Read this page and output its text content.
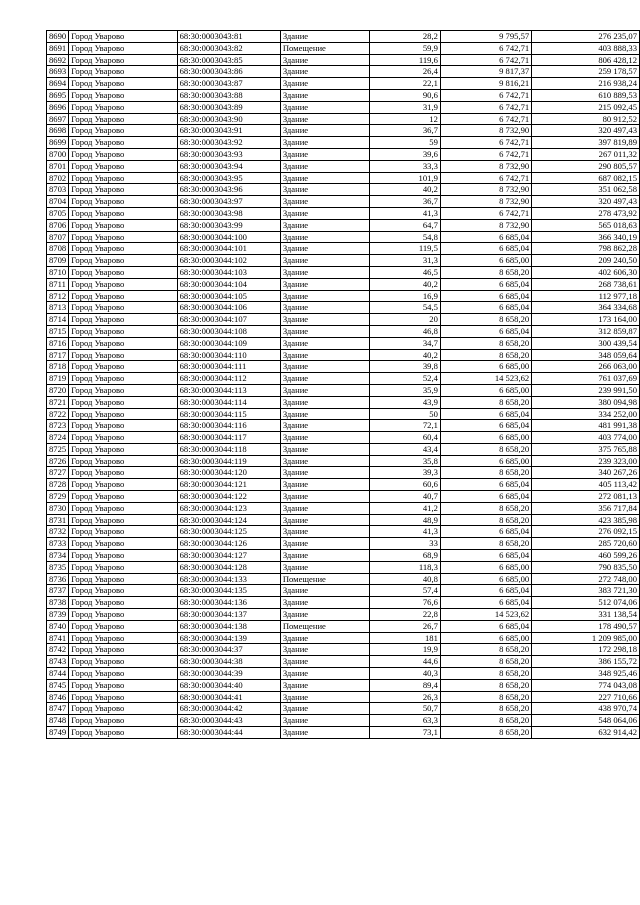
8690	Город Уварово	68:30:0003043:81	Здание	28,2	9 795,57	276 235,07
8691	Город Уварово	68:30:0003043:82	Помещение	59,9	6 742,71	403 888,33
8692	Город Уварово	68:30:0003043:85	Здание	119,6	6 742,71	806 428,12
8693	Город Уварово	68:30:0003043:86	Здание	26,4	9 817,37	259 178,57
8694	Город Уварово	68:30:0003043:87	Здание	22,1	9 816,21	216 938,24
8695	Город Уварово	68:30:0003043:88	Здание	90,6	6 742,71	610 889,53
8696	Город Уварово	68:30:0003043:89	Здание	31,9	6 742,71	215 092,45
8697	Город Уварово	68:30:0003043:90	Здание	12	6 742,71	80 912,52
8698	Город Уварово	68:30:0003043:91	Здание	36,7	8 732,90	320 497,43
8699	Город Уварово	68:30:0003043:92	Здание	59	6 742,71	397 819,89
8700	Город Уварово	68:30:0003043:93	Здание	39,6	6 742,71	267 011,32
8701	Город Уварово	68:30:0003043:94	Здание	33,3	8 732,90	290 805,57
8702	Город Уварово	68:30:0003043:95	Здание	101,9	6 742,71	687 082,15
8703	Город Уварово	68:30:0003043:96	Здание	40,2	8 732,90	351 062,58
8704	Город Уварово	68:30:0003043:97	Здание	36,7	8 732,90	320 497,43
8705	Город Уварово	68:30:0003043:98	Здание	41,3	6 742,71	278 473,92
8706	Город Уварово	68:30:0003043:99	Здание	64,7	8 732,90	565 018,63
8707	Город Уварово	68:30:0003044:100	Здание	54,8	6 685,04	366 340,19
8708	Город Уварово	68:30:0003044:101	Здание	119,5	6 685,04	798 862,28
8709	Город Уварово	68:30:0003044:102	Здание	31,3	6 685,00	209 240,50
8710	Город Уварово	68:30:0003044:103	Здание	46,5	8 658,20	402 606,30
8711	Город Уварово	68:30:0003044:104	Здание	40,2	6 685,04	268 738,61
8712	Город Уварово	68:30:0003044:105	Здание	16,9	6 685,04	112 977,18
8713	Город Уварово	68:30:0003044:106	Здание	54,5	6 685,04	364 334,68
8714	Город Уварово	68:30:0003044:107	Здание	20	8 658,20	173 164,00
8715	Город Уварово	68:30:0003044:108	Здание	46,8	6 685,04	312 859,87
8716	Город Уварово	68:30:0003044:109	Здание	34,7	8 658,20	300 439,54
8717	Город Уварово	68:30:0003044:110	Здание	40,2	8 658,20	348 059,64
8718	Город Уварово	68:30:0003044:111	Здание	39,8	6 685,00	266 063,00
8719	Город Уварово	68:30:0003044:112	Здание	52,4	14 523,62	761 037,69
8720	Город Уварово	68:30:0003044:113	Здание	35,9	6 685,00	239 991,50
8721	Город Уварово	68:30:0003044:114	Здание	43,9	8 658,20	380 094,98
8722	Город Уварово	68:30:0003044:115	Здание	50	6 685,04	334 252,00
8723	Город Уварово	68:30:0003044:116	Здание	72,1	6 685,04	481 991,38
8724	Город Уварово	68:30:0003044:117	Здание	60,4	6 685,00	403 774,00
8725	Город Уварово	68:30:0003044:118	Здание	43,4	8 658,20	375 765,88
8726	Город Уварово	68:30:0003044:119	Здание	35,8	6 685,00	239 323,00
8727	Город Уварово	68:30:0003044:120	Здание	39,3	8 658,20	340 267,26
8728	Город Уварово	68:30:0003044:121	Здание	60,6	6 685,04	405 113,42
8729	Город Уварово	68:30:0003044:122	Здание	40,7	6 685,04	272 081,13
8730	Город Уварово	68:30:0003044:123	Здание	41,2	8 658,20	356 717,84
8731	Город Уварово	68:30:0003044:124	Здание	48,9	8 658,20	423 385,98
8732	Город Уварово	68:30:0003044:125	Здание	41,3	6 685,04	276 092,15
8733	Город Уварово	68:30:0003044:126	Здание	33	8 658,20	285 720,60
8734	Город Уварово	68:30:0003044:127	Здание	68,9	6 685,04	460 599,26
8735	Город Уварово	68:30:0003044:128	Здание	118,3	6 685,00	790 835,50
8736	Город Уварово	68:30:0003044:133	Помещение	40,8	6 685,00	272 748,00
8737	Город Уварово	68:30:0003044:135	Здание	57,4	6 685,04	383 721,30
8738	Город Уварово	68:30:0003044:136	Здание	76,6	6 685,04	512 074,06
8739	Город Уварово	68:30:0003044:137	Здание	22,8	14 523,62	331 138,54
8740	Город Уварово	68:30:0003044:138	Помещение	26,7	6 685,04	178 490,57
8741	Город Уварово	68:30:0003044:139	Здание	181	6 685,00	1 209 985,00
8742	Город Уварово	68:30:0003044:37	Здание	19,9	8 658,20	172 298,18
8743	Город Уварово	68:30:0003044:38	Здание	44,6	8 658,20	386 155,72
8744	Город Уварово	68:30:0003044:39	Здание	40,3	8 658,20	348 925,46
8745	Город Уварово	68:30:0003044:40	Здание	89,4	8 658,20	774 043,08
8746	Город Уварово	68:30:0003044:41	Здание	26,3	8 658,20	227 710,66
8747	Город Уварово	68:30:0003044:42	Здание	50,7	8 658,20	438 970,74
8748	Город Уварово	68:30:0003044:43	Здание	63,3	8 658,20	548 064,06
8749	Город Уварово	68:30:0003044:44	Здание	73,1	8 658,20	632 914,42
